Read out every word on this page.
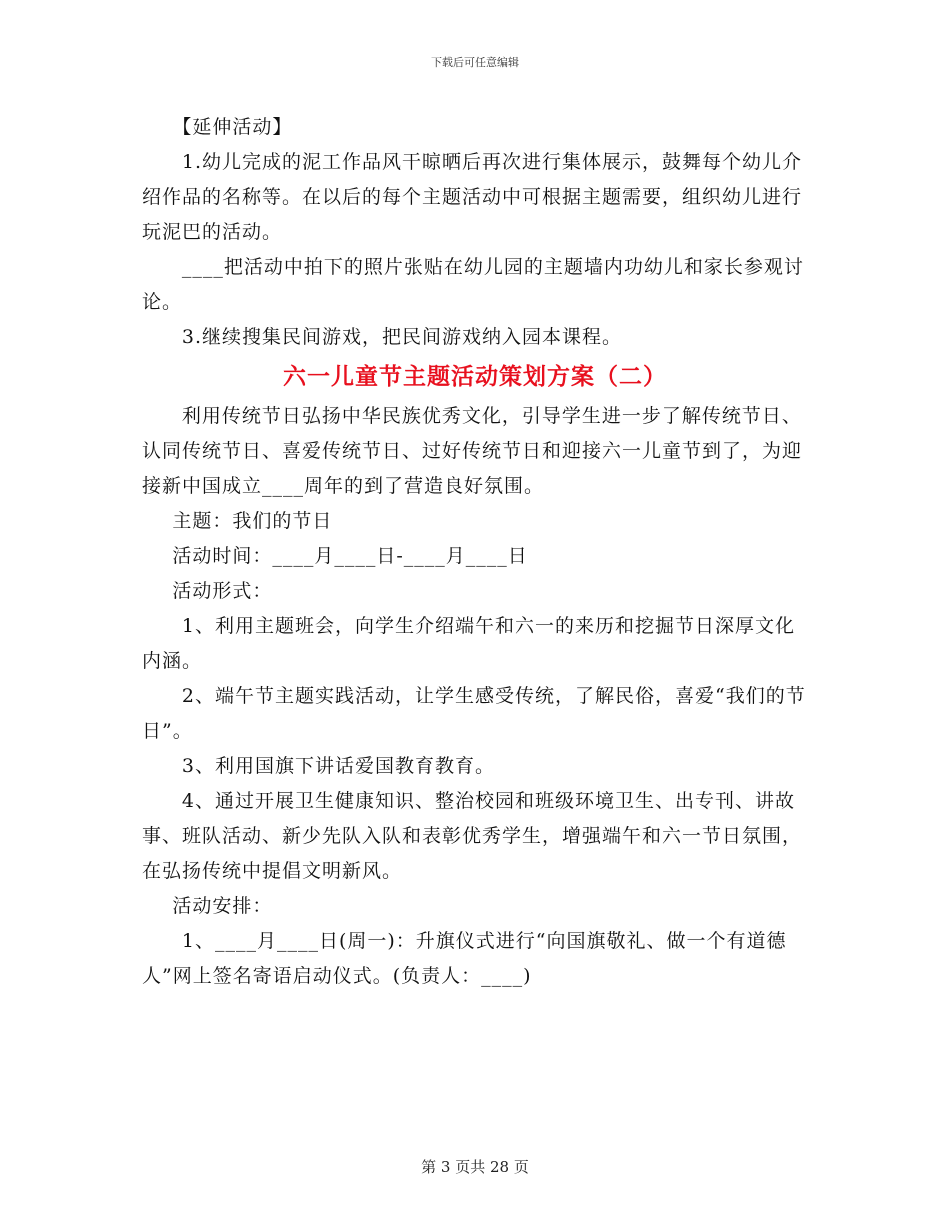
下载后可任意编辑

【延伸活动】

1.幼儿完成的泥工作品风干晾晒后再次进行集体展示，鼓舞每个幼儿介绍作品的名称等。在以后的每个主题活动中可根据主题需要，组织幼儿进行玩泥巴的活动。

____把活动中拍下的照片张贴在幼儿园的主题墙内功幼儿和家长参观讨论。

3.继续搜集民间游戏，把民间游戏纳入园本课程。

六一儿童节主题活动策划方案（二）

利用传统节日弘扬中华民族优秀文化，引导学生进一步了解传统节日、认同传统节日、喜爱传统节日、过好传统节日和迎接六一儿童节到了，为迎接新中国成立____周年的到了营造良好氛围。

主题：我们的节日

活动时间：____月____日-____月____日

活动形式：

1、利用主题班会，向学生介绍端午和六一的来历和挖掘节日深厚文化内涵。

2、端午节主题实践活动，让学生感受传统，了解民俗，喜爱“我们的节日”。

3、利用国旗下讲话爱国教育教育。

4、通过开展卫生健康知识、整治校园和班级环境卫生、出专刊、讲故事、班队活动、新少先队入队和表彰优秀学生，增强端午和六一节日氛围，在弘扬传统中提倡文明新风。

活动安排：

1、____月____日(周一)：升旗仪式进行“向国旗敬礼、做一个有道德人”网上签名寄语启动仪式。(负责人：____)

第 3 页共 28 页
